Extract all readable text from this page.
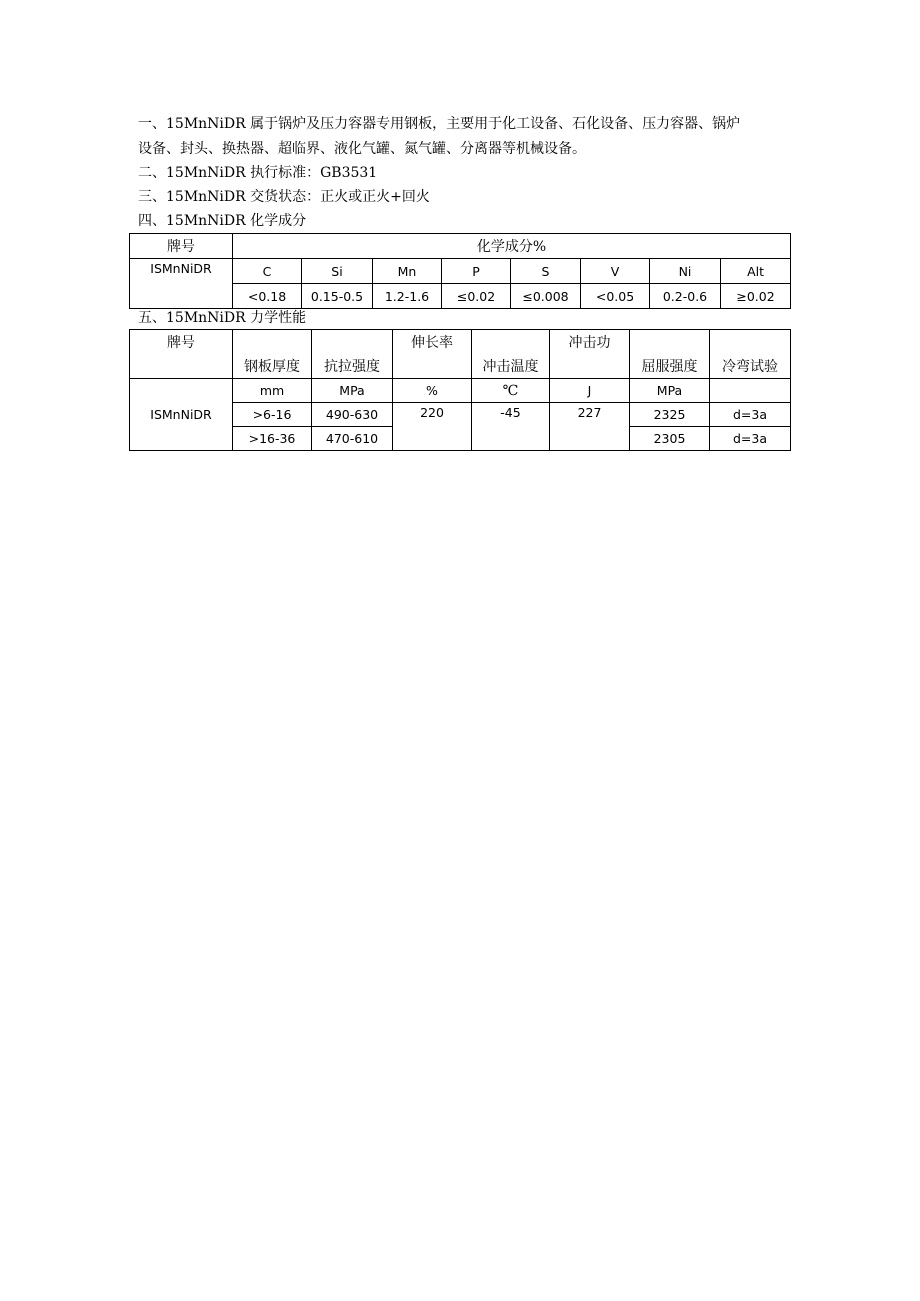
一、15MnNiDR 属于锅炉及压力容器专用钢板，主要用于化工设备、石化设备、压力容器、锅炉
设备、封头、换热器、超临界、液化气罐、氮气罐、分离器等机械设备。
二、15MnNiDR 执行标准：GB3531
三、15MnNiDR 交货状态：正火或正火+回火
四、15MnNiDR 化学成分
牌号	化学成分%							
ISMnNiDR	C	Si	Mn	P	S	V	Ni	Alt
	<0.18	0.15-0.5	1.2-1.6	≤0.02	≤0.008	<0.05	0.2-0.6	≥0.02
五、15MnNiDR 力学性能
牌号	钢板厚度	抗拉强度	伸长率	冲击温度	冲击功	屈服强度	冷弯试验
ISMnNiDR	mm	MPa	%	℃	J	MPa	
	>6-16	490-630	220	-45	227	2325	d=3a
	>16-36	470-610				2305	d=3a
